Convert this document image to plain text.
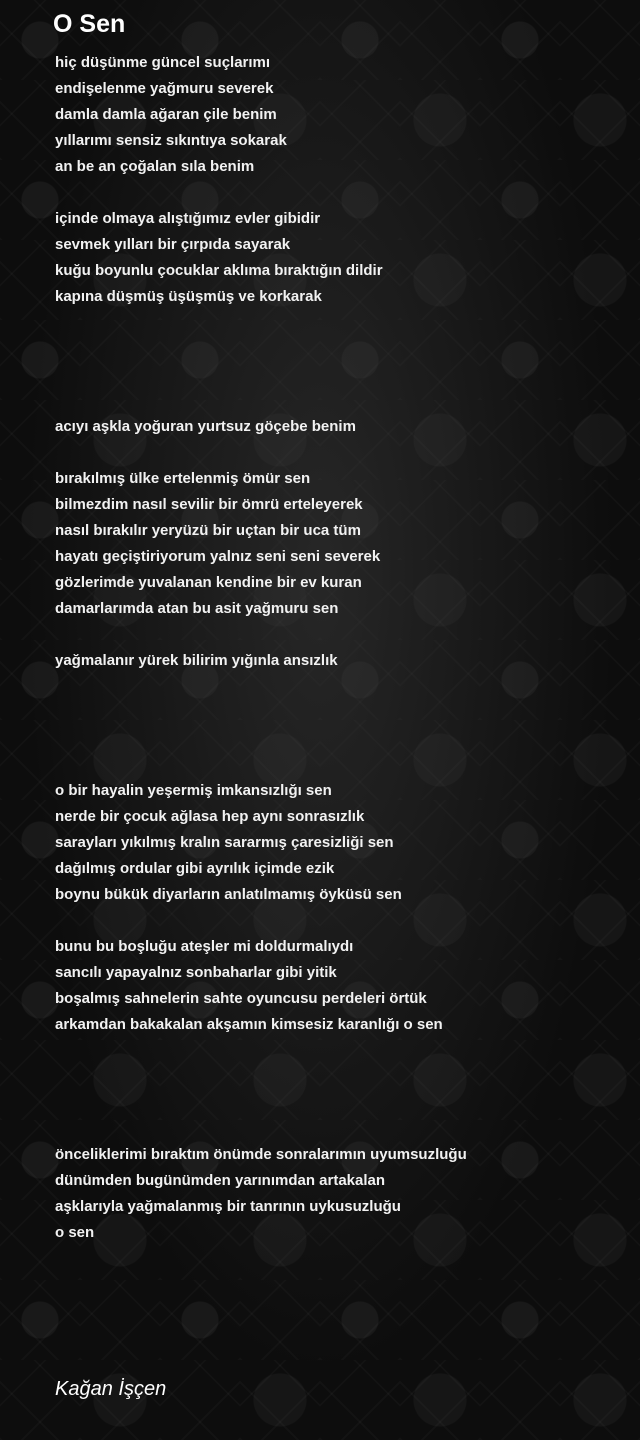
O Sen
hiç düşünme güncel suçlarımı
endişelenme yağmuru severek
damla damla ağaran çile benim
yıllarımı sensiz sıkıntıya sokarak
an be an çoğalan sıla benim
içinde olmaya alıştığımız evler gibidir
sevmek yılları bir çırpıda sayarak
kuğu boyunlu çocuklar aklıma bıraktığın dildir
kapına düşmüş üşüşmüş ve korkarak
acıyı aşkla yoğuran yurtsuz göçebe benim
bırakılmış ülke ertelenmiş ömür sen
bilmezdim nasıl sevilir bir ömrü erteleyerek
nasıl bırakılır yeryüzü bir uçtan bir uca tüm
hayatı geçiştiriyorum yalnız seni seni severek
gözlerimde yuvalanan kendine bir ev kuran
damarlarımda atan bu asit yağmuru sen
yağmalanır yürek bilirim yığınla ansızlık
o bir hayalin yeşermiş imkansızlığı sen
nerde bir çocuk ağlasa hep aynı sonrasızlık
sarayları yıkılmış kralın sararmış çaresizliği sen
dağılmış ordular gibi ayrılık içimde ezik
boynu bükük diyarların anlatılmamış öyküsü sen
bunu bu boşluğu ateşler mi doldurmalıydı
sancılı yapayalnız sonbaharlar gibi yitik
boşalmış sahnelerin sahte oyuncusu perdeleri örtük
arkamdan bakakalan akşamın kimsesiz karanlığı o sen
önceliklerimi bıraktım önümde sonralarımın uyumsuzluğu
dünümden bugünümden yarınımdan artakalan
aşklarıyla yağmalanmış bir tanrının uykusuzluğu
o sen
Kağan İşçen
